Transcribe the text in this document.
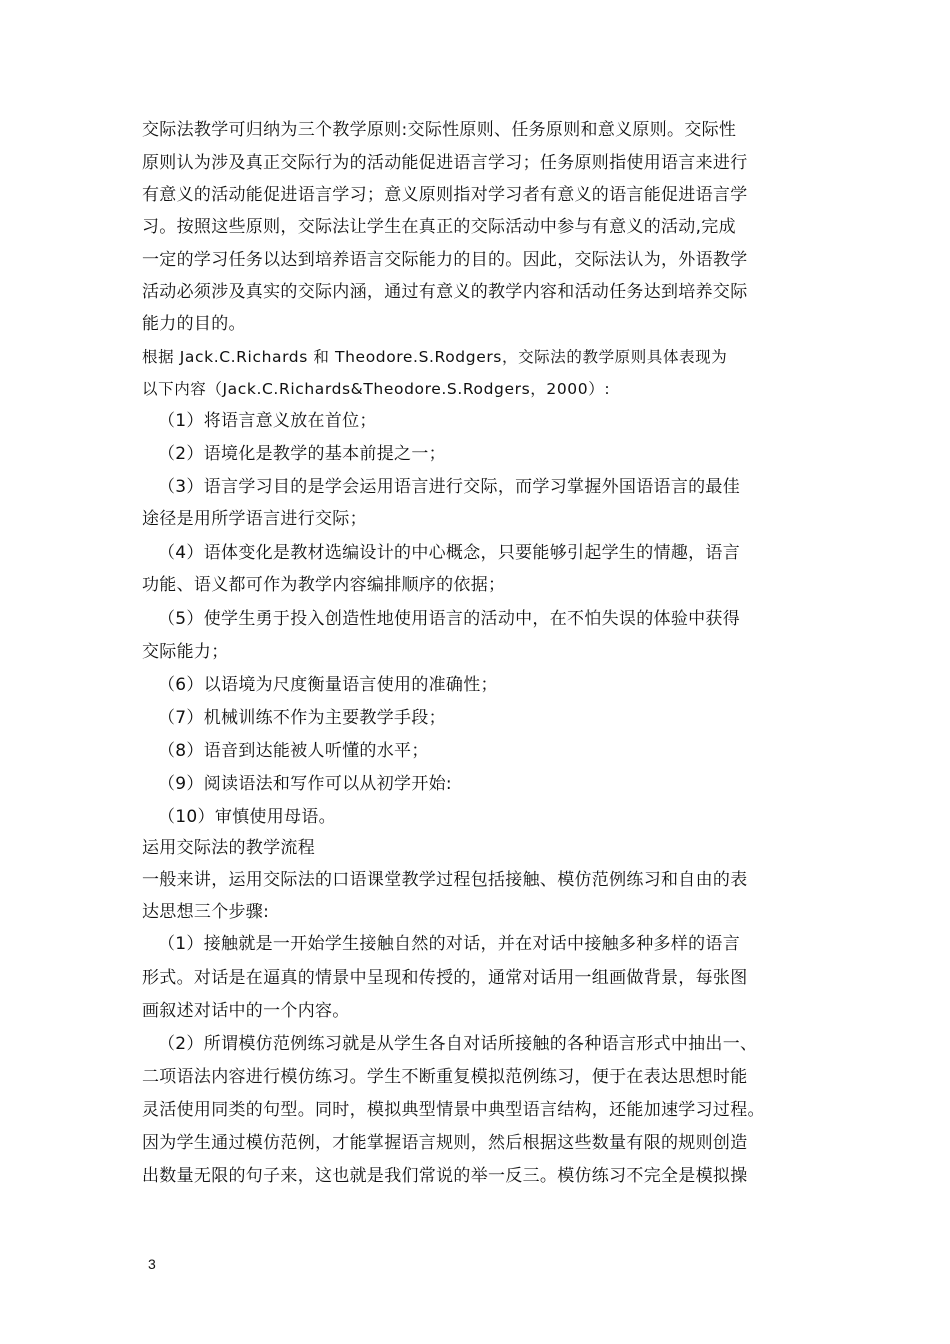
交际法教学可归纳为三个教学原则:交际性原则、任务原则和意义原则。交际性
原则认为涉及真正交际行为的活动能促进语言学习；任务原则指使用语言来进行
有意义的活动能促进语言学习；意义原则指对学习者有意义的语言能促进语言学
习。按照这些原则，交际法让学生在真正的交际活动中参与有意义的活动,完成
一定的学习任务以达到培养语言交际能力的目的。因此，交际法认为，外语教学
活动必须涉及真实的交际内涵，通过有意义的教学内容和活动任务达到培养交际
能力的目的。
根据 Jack.C.Richards 和 Theodore.S.Rodgers，交际法的教学原则具体表现为
以下内容（Jack.C.Richards&Theodore.S.Rodgers，2000）:
（1）将语言意义放在首位；
（2）语境化是教学的基本前提之一；
（3）语言学习目的是学会运用语言进行交际，而学习掌握外国语语言的最佳
途径是用所学语言进行交际；
（4）语体变化是教材选编设计的中心概念，只要能够引起学生的情趣，语言
功能、语义都可作为教学内容编排顺序的依据；
（5）使学生勇于投入创造性地使用语言的活动中，在不怕失误的体验中获得
交际能力；
（6）以语境为尺度衡量语言使用的准确性；
（7）机械训练不作为主要教学手段；
（8）语音到达能被人听懂的水平；
（9）阅读语法和写作可以从初学开始:
（10）审慎使用母语。
运用交际法的教学流程
一般来讲，运用交际法的口语课堂教学过程包括接触、模仿范例练习和自由的表
达思想三个步骤:
（1）接触就是一开始学生接触自然的对话，并在对话中接触多种多样的语言
形式。对话是在逼真的情景中呈现和传授的，通常对话用一组画做背景，每张图
画叙述对话中的一个内容。
（2）所谓模仿范例练习就是从学生各自对话所接触的各种语言形式中抽出一、
二项语法内容进行模仿练习。学生不断重复模拟范例练习，便于在表达思想时能
灵活使用同类的句型。同时，模拟典型情景中典型语言结构，还能加速学习过程。
因为学生通过模仿范例，才能掌握语言规则，然后根据这些数量有限的规则创造
出数量无限的句子来，这也就是我们常说的举一反三。模仿练习不完全是模拟操
3
